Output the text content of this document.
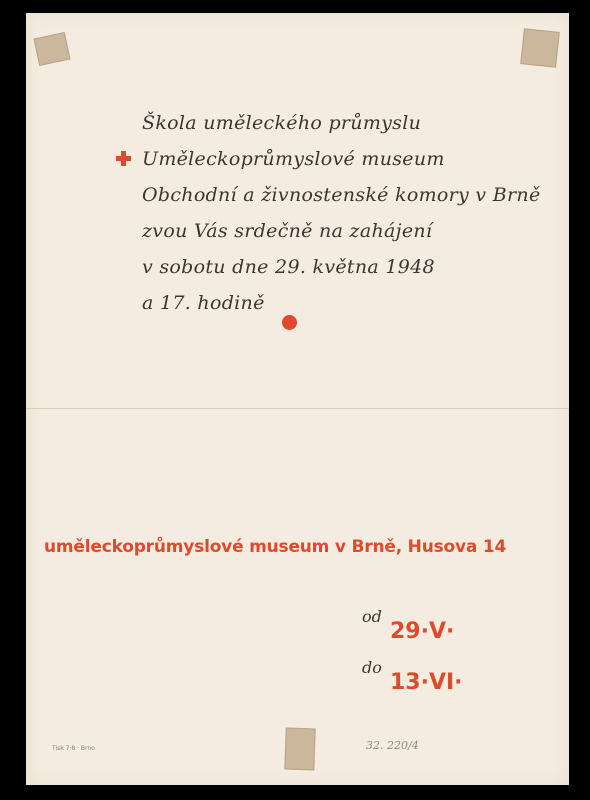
Škola uměleckého průmyslu
Uměleckoprůmyslové museum
Obchodní a živnostenské komory v Brně
zvou Vás srdečně na zahájení
v sobotu dne 29. května 1948
a 17. hodině
uměleckoprůmyslové museum v Brně, Husova 14
od
29·V·
do
13·VI·
Tisk 7·8 · Brno	32. 220/4
